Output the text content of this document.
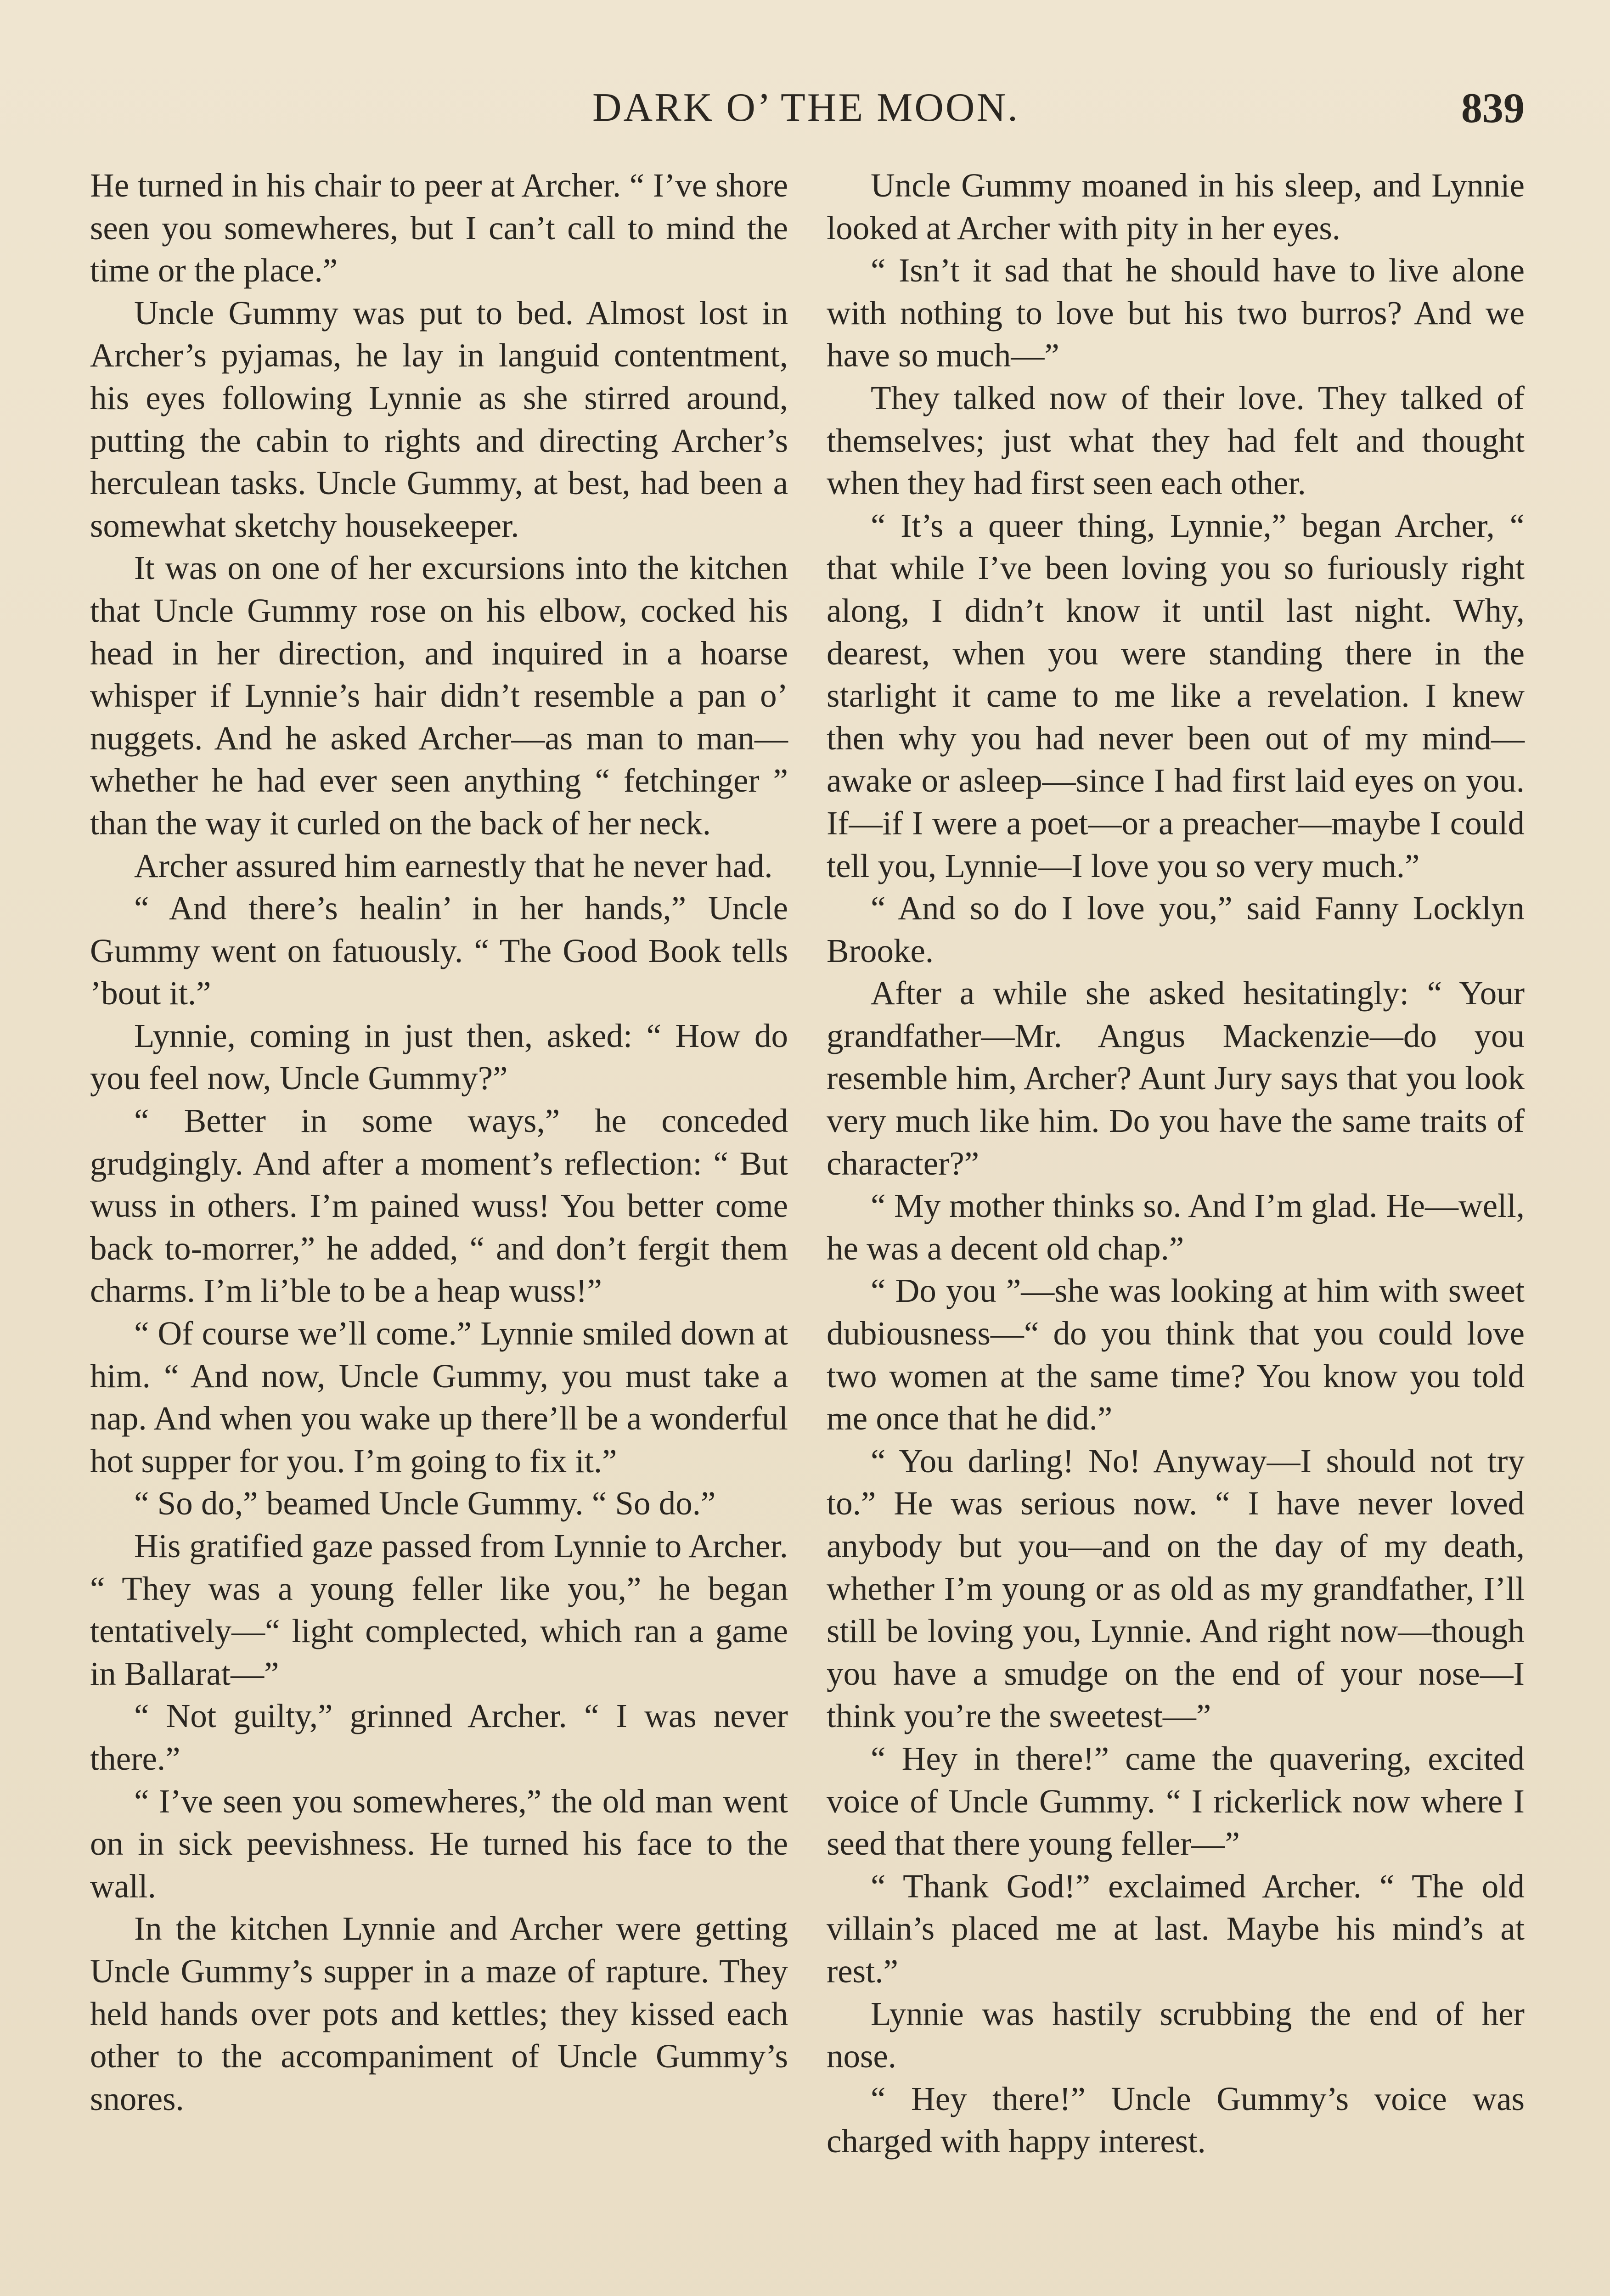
DARK O’ THE MOON.	839

He turned in his chair to peer at Archer. “ I’ve shore seen you somewheres, but I can’t call to mind the time or the place.”

Uncle Gummy was put to bed. Almost lost in Archer’s pyjamas, he lay in languid contentment, his eyes following Lynnie as she stirred around, putting the cabin to rights and directing Archer’s herculean tasks. Uncle Gummy, at best, had been a somewhat sketchy housekeeper.

It was on one of her excursions into the kitchen that Uncle Gummy rose on his elbow, cocked his head in her direction, and inquired in a hoarse whisper if Lynnie’s hair didn’t resemble a pan o’ nuggets. And he asked Archer—as man to man—whether he had ever seen anything “ fetchinger ” than the way it curled on the back of her neck.

Archer assured him earnestly that he never had.

“ And there’s healin’ in her hands,” Uncle Gummy went on fatuously. “ The Good Book tells ’bout it.”

Lynnie, coming in just then, asked: “ How do you feel now, Uncle Gummy?”

“ Better in some ways,” he conceded grudgingly. And after a moment’s reflection: “ But wuss in others. I’m pained wuss! You better come back to-morrer,” he added, “ and don’t fergit them charms. I’m li’ble to be a heap wuss!”

“ Of course we’ll come.” Lynnie smiled down at him. “ And now, Uncle Gummy, you must take a nap. And when you wake up there’ll be a wonderful hot supper for you. I’m going to fix it.”

“ So do,” beamed Uncle Gummy. “ So do.”

His gratified gaze passed from Lynnie to Archer. “ They was a young feller like you,” he began tentatively—“ light complected, which ran a game in Ballarat—”

“ Not guilty,” grinned Archer. “ I was never there.”

“ I’ve seen you somewheres,” the old man went on in sick peevishness. He turned his face to the wall.

In the kitchen Lynnie and Archer were getting Uncle Gummy’s supper in a maze of rapture. They held hands over pots and kettles; they kissed each other to the accompaniment of Uncle Gummy’s snores.

Uncle Gummy moaned in his sleep, and Lynnie looked at Archer with pity in her eyes.

“ Isn’t it sad that he should have to live alone with nothing to love but his two burros? And we have so much—”

They talked now of their love. They talked of themselves; just what they had felt and thought when they had first seen each other.

“ It’s a queer thing, Lynnie,” began Archer, “ that while I’ve been loving you so furiously right along, I didn’t know it until last night. Why, dearest, when you were standing there in the starlight it came to me like a revelation. I knew then why you had never been out of my mind—awake or asleep—since I had first laid eyes on you. If—if I were a poet—or a preacher—maybe I could tell you, Lynnie—I love you so very much.”

“ And so do I love you,” said Fanny Locklyn Brooke.

After a while she asked hesitatingly: “ Your grandfather—Mr. Angus Mackenzie—do you resemble him, Archer? Aunt Jury says that you look very much like him. Do you have the same traits of character?”

“ My mother thinks so. And I’m glad. He—well, he was a decent old chap.”

“ Do you ”—she was looking at him with sweet dubiousness—“ do you think that you could love two women at the same time? You know you told me once that he did.”

“ You darling! No! Anyway—I should not try to.” He was serious now. “ I have never loved anybody but you—and on the day of my death, whether I’m young or as old as my grandfather, I’ll still be loving you, Lynnie. And right now—though you have a smudge on the end of your nose—I think you’re the sweetest—”

“ Hey in there!” came the quavering, excited voice of Uncle Gummy. “ I rickerlick now where I seed that there young feller—”

“ Thank God!” exclaimed Archer. “ The old villain’s placed me at last. Maybe his mind’s at rest.”

Lynnie was hastily scrubbing the end of her nose.

“ Hey there!” Uncle Gummy’s voice was charged with happy interest.
